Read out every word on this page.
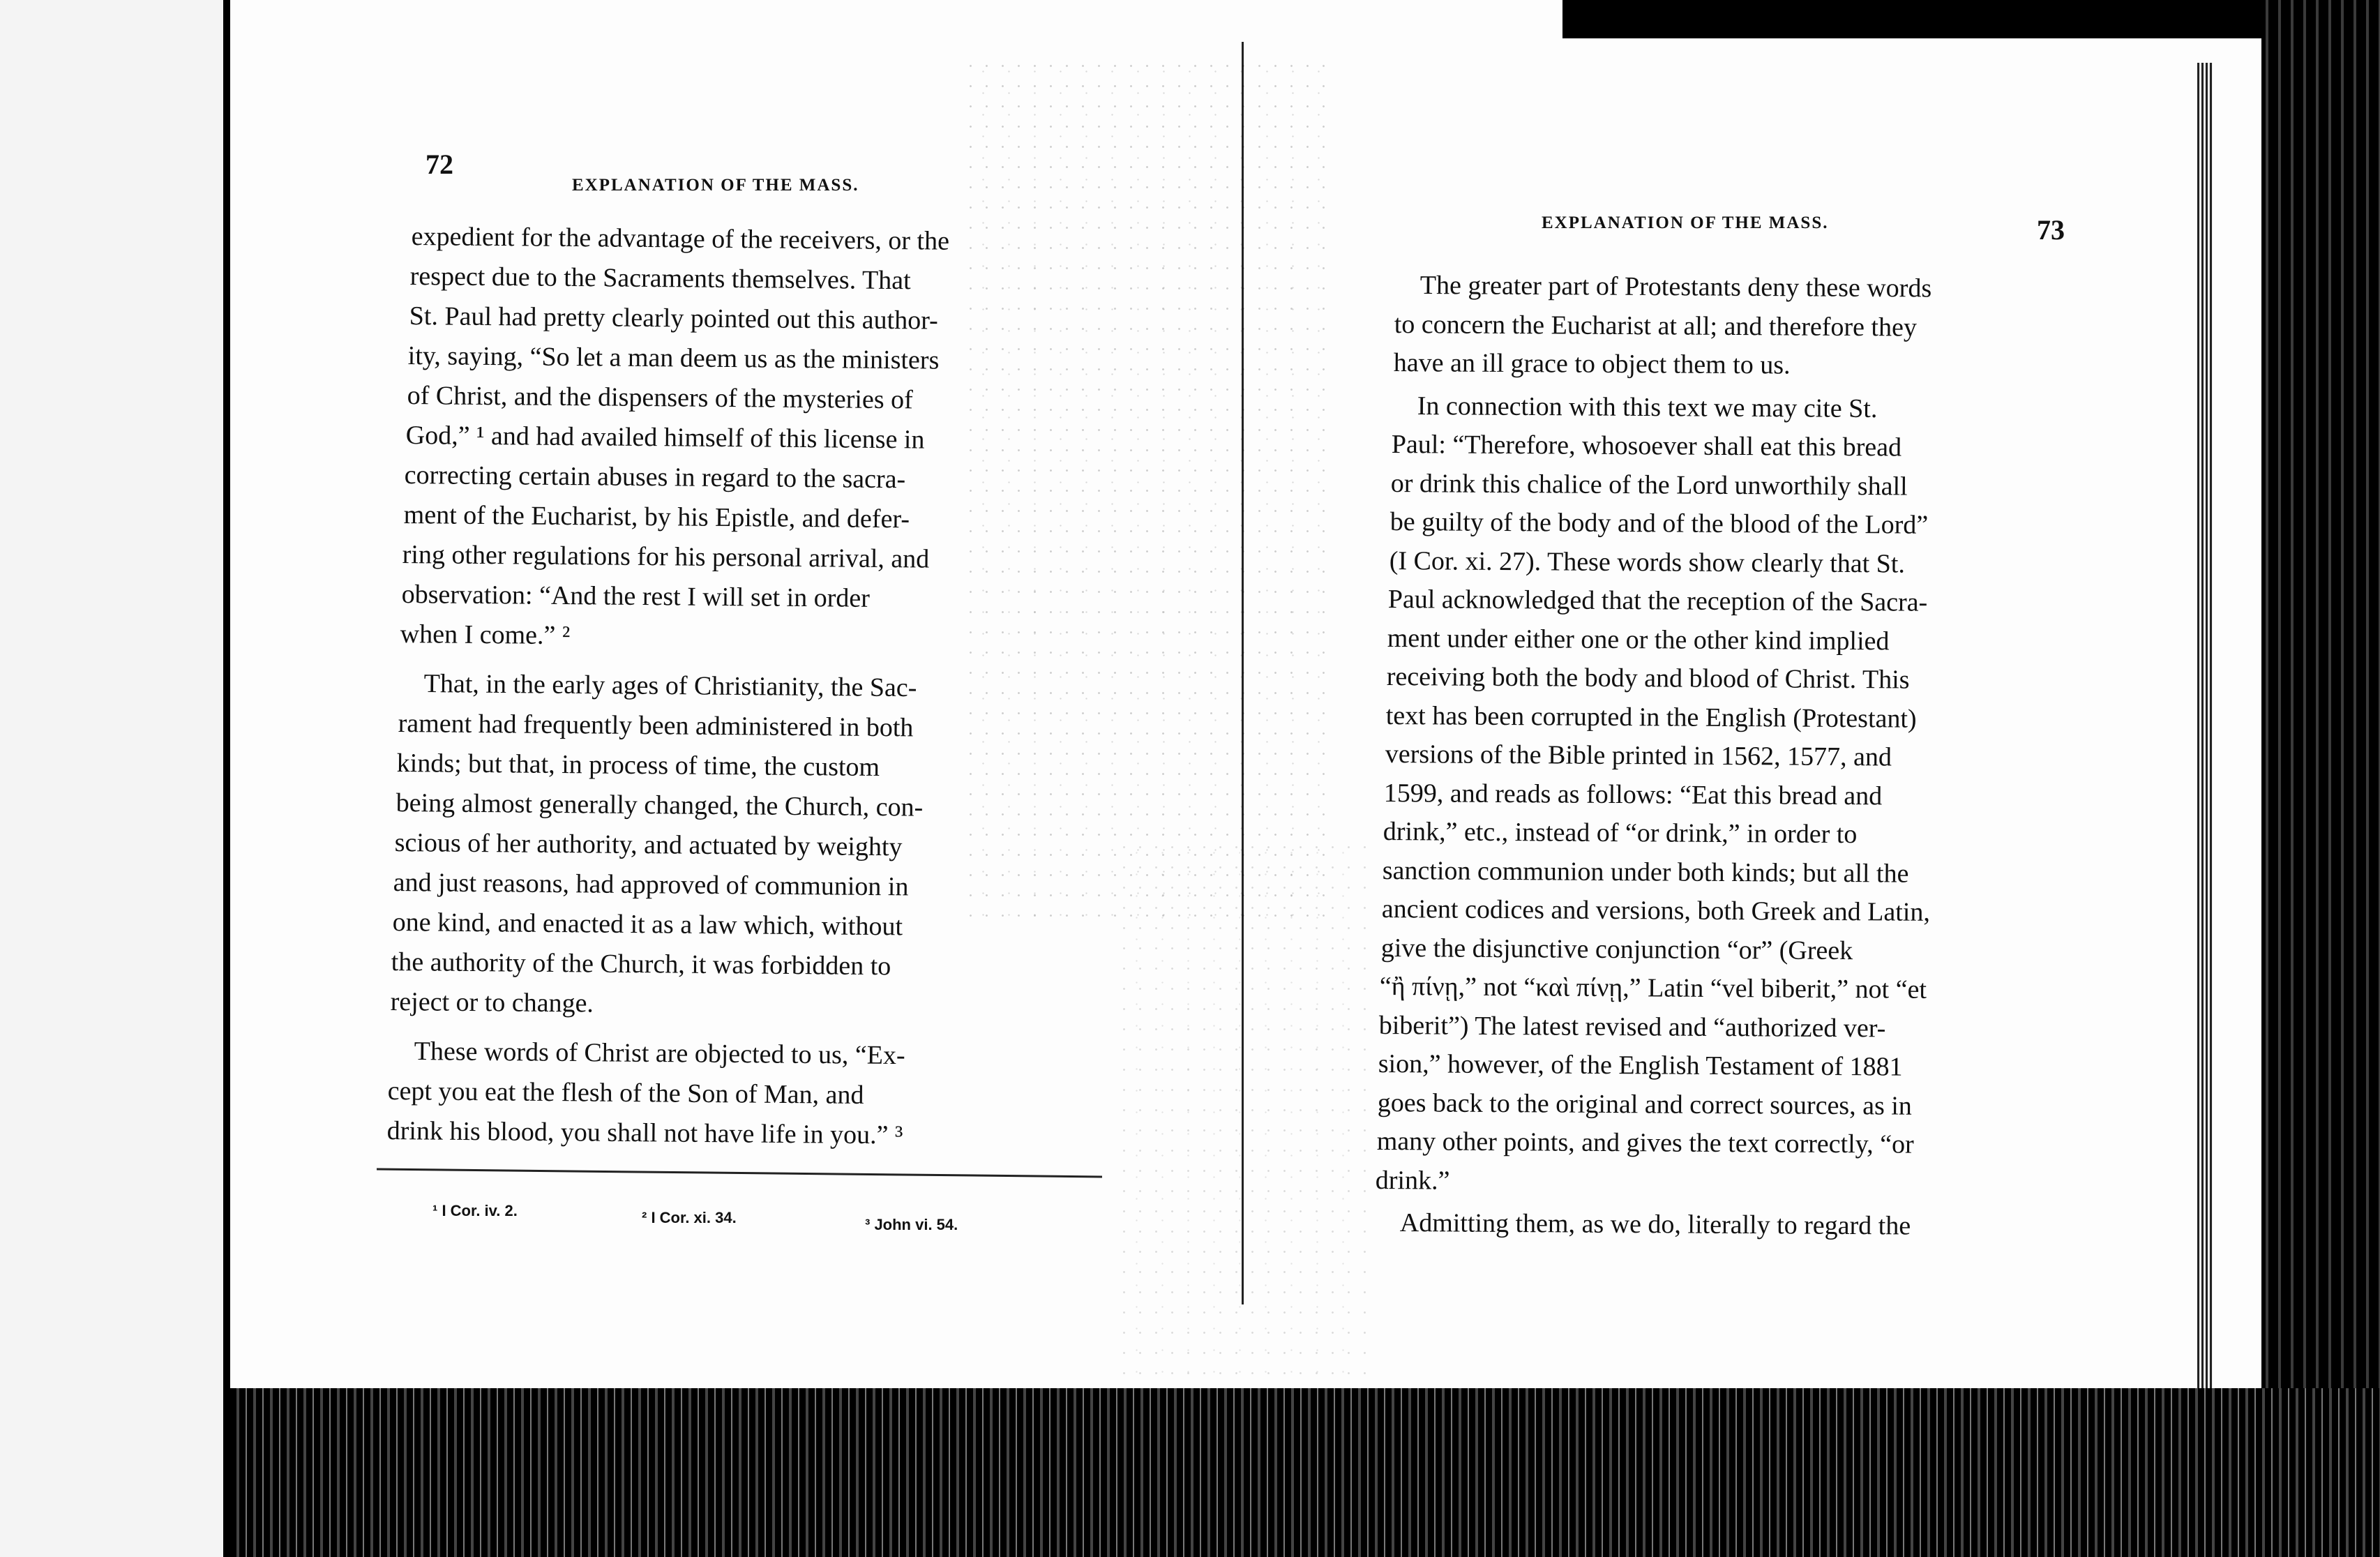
72
EXPLANATION OF THE MASS.
expedient for the advantage of the receivers, or the
respect due to the Sacraments themselves. That
St. Paul had pretty clearly pointed out this author-
ity, saying, “So let a man deem us as the ministers
of Christ, and the dispensers of the mysteries of
God,” ¹ and had availed himself of this license in
correcting certain abuses in regard to the sacra-
ment of the Eucharist, by his Epistle, and defer-
ring other regulations for his personal arrival, and
observation: “And the rest I will set in order
when I come.” ²
That, in the early ages of Christianity, the Sac-
rament had frequently been administered in both
kinds; but that, in process of time, the custom
being almost generally changed, the Church, con-
scious of her authority, and actuated by weighty
and just reasons, had approved of communion in
one kind, and enacted it as a law which, without
the authority of the Church, it was forbidden to
reject or to change.
These words of Christ are objected to us, “Ex-
cept you eat the flesh of the Son of Man, and
drink his blood, you shall not have life in you.” ³
¹ I Cor. iv. 2.	² I Cor. xi. 34.	³ John vi. 54.
EXPLANATION OF THE MASS.	73
The greater part of Protestants deny these words
to concern the Eucharist at all; and therefore they
have an ill grace to object them to us.
In connection with this text we may cite St.
Paul: “Therefore, whosoever shall eat this bread
or drink this chalice of the Lord unworthily shall
be guilty of the body and of the blood of the Lord”
(I Cor. xi. 27). These words show clearly that St.
Paul acknowledged that the reception of the Sacra-
ment under either one or the other kind implied
receiving both the body and blood of Christ. This
text has been corrupted in the English (Protestant)
versions of the Bible printed in 1562, 1577, and
1599, and reads as follows: “Eat this bread and
drink,” etc., instead of “or drink,” in order to
sanction communion under both kinds; but all the
ancient codices and versions, both Greek and Latin,
give the disjunctive conjunction “or” (Greek
“ἢ πίνῃ,” not “καὶ πίνῃ,” Latin “vel biberit,” not “et
biberit”) The latest revised and “authorized ver-
sion,” however, of the English Testament of 1881
goes back to the original and correct sources, as in
many other points, and gives the text correctly, “or
drink.”
Admitting them, as we do, literally to regard the
